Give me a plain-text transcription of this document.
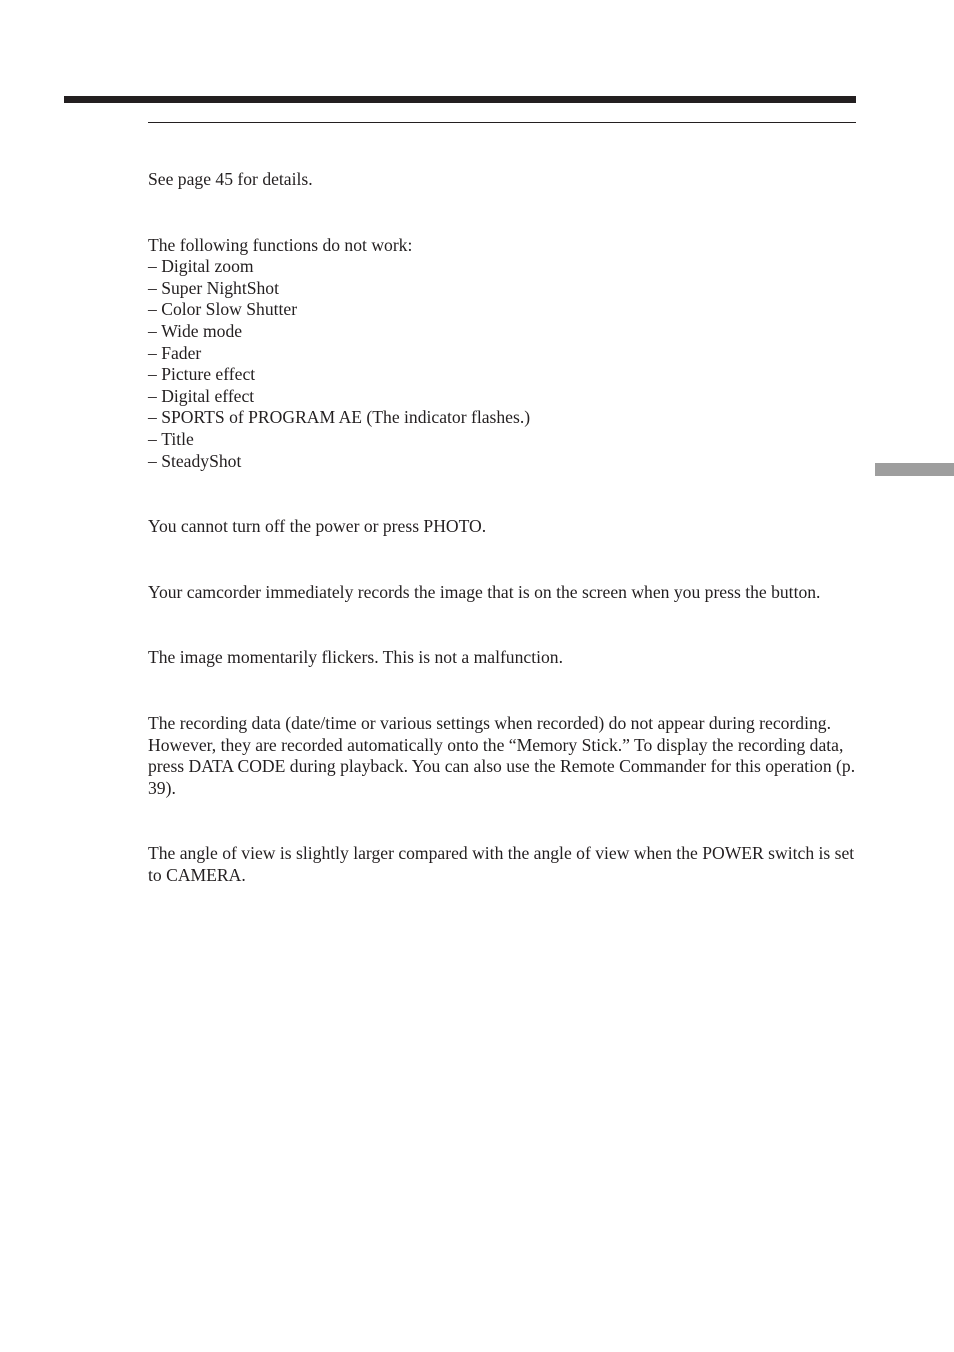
See page 45 for details.
The following functions do not work:
– Digital zoom
– Super NightShot
– Color Slow Shutter
– Wide mode
– Fader
– Picture effect
– Digital effect
– SPORTS of PROGRAM AE (The indicator flashes.)
– Title
– SteadyShot
You cannot turn off the power or press PHOTO.
Your camcorder immediately records the image that is on the screen when you press the button.
The image momentarily flickers. This is not a malfunction.
The recording data (date/time or various settings when recorded) do not appear during recording. However, they are recorded automatically onto the “Memory Stick.” To display the recording data, press DATA CODE during playback. You can also use the Remote Commander for this operation (p. 39).
The angle of view is slightly larger compared with the angle of view when the POWER switch is set to CAMERA.
